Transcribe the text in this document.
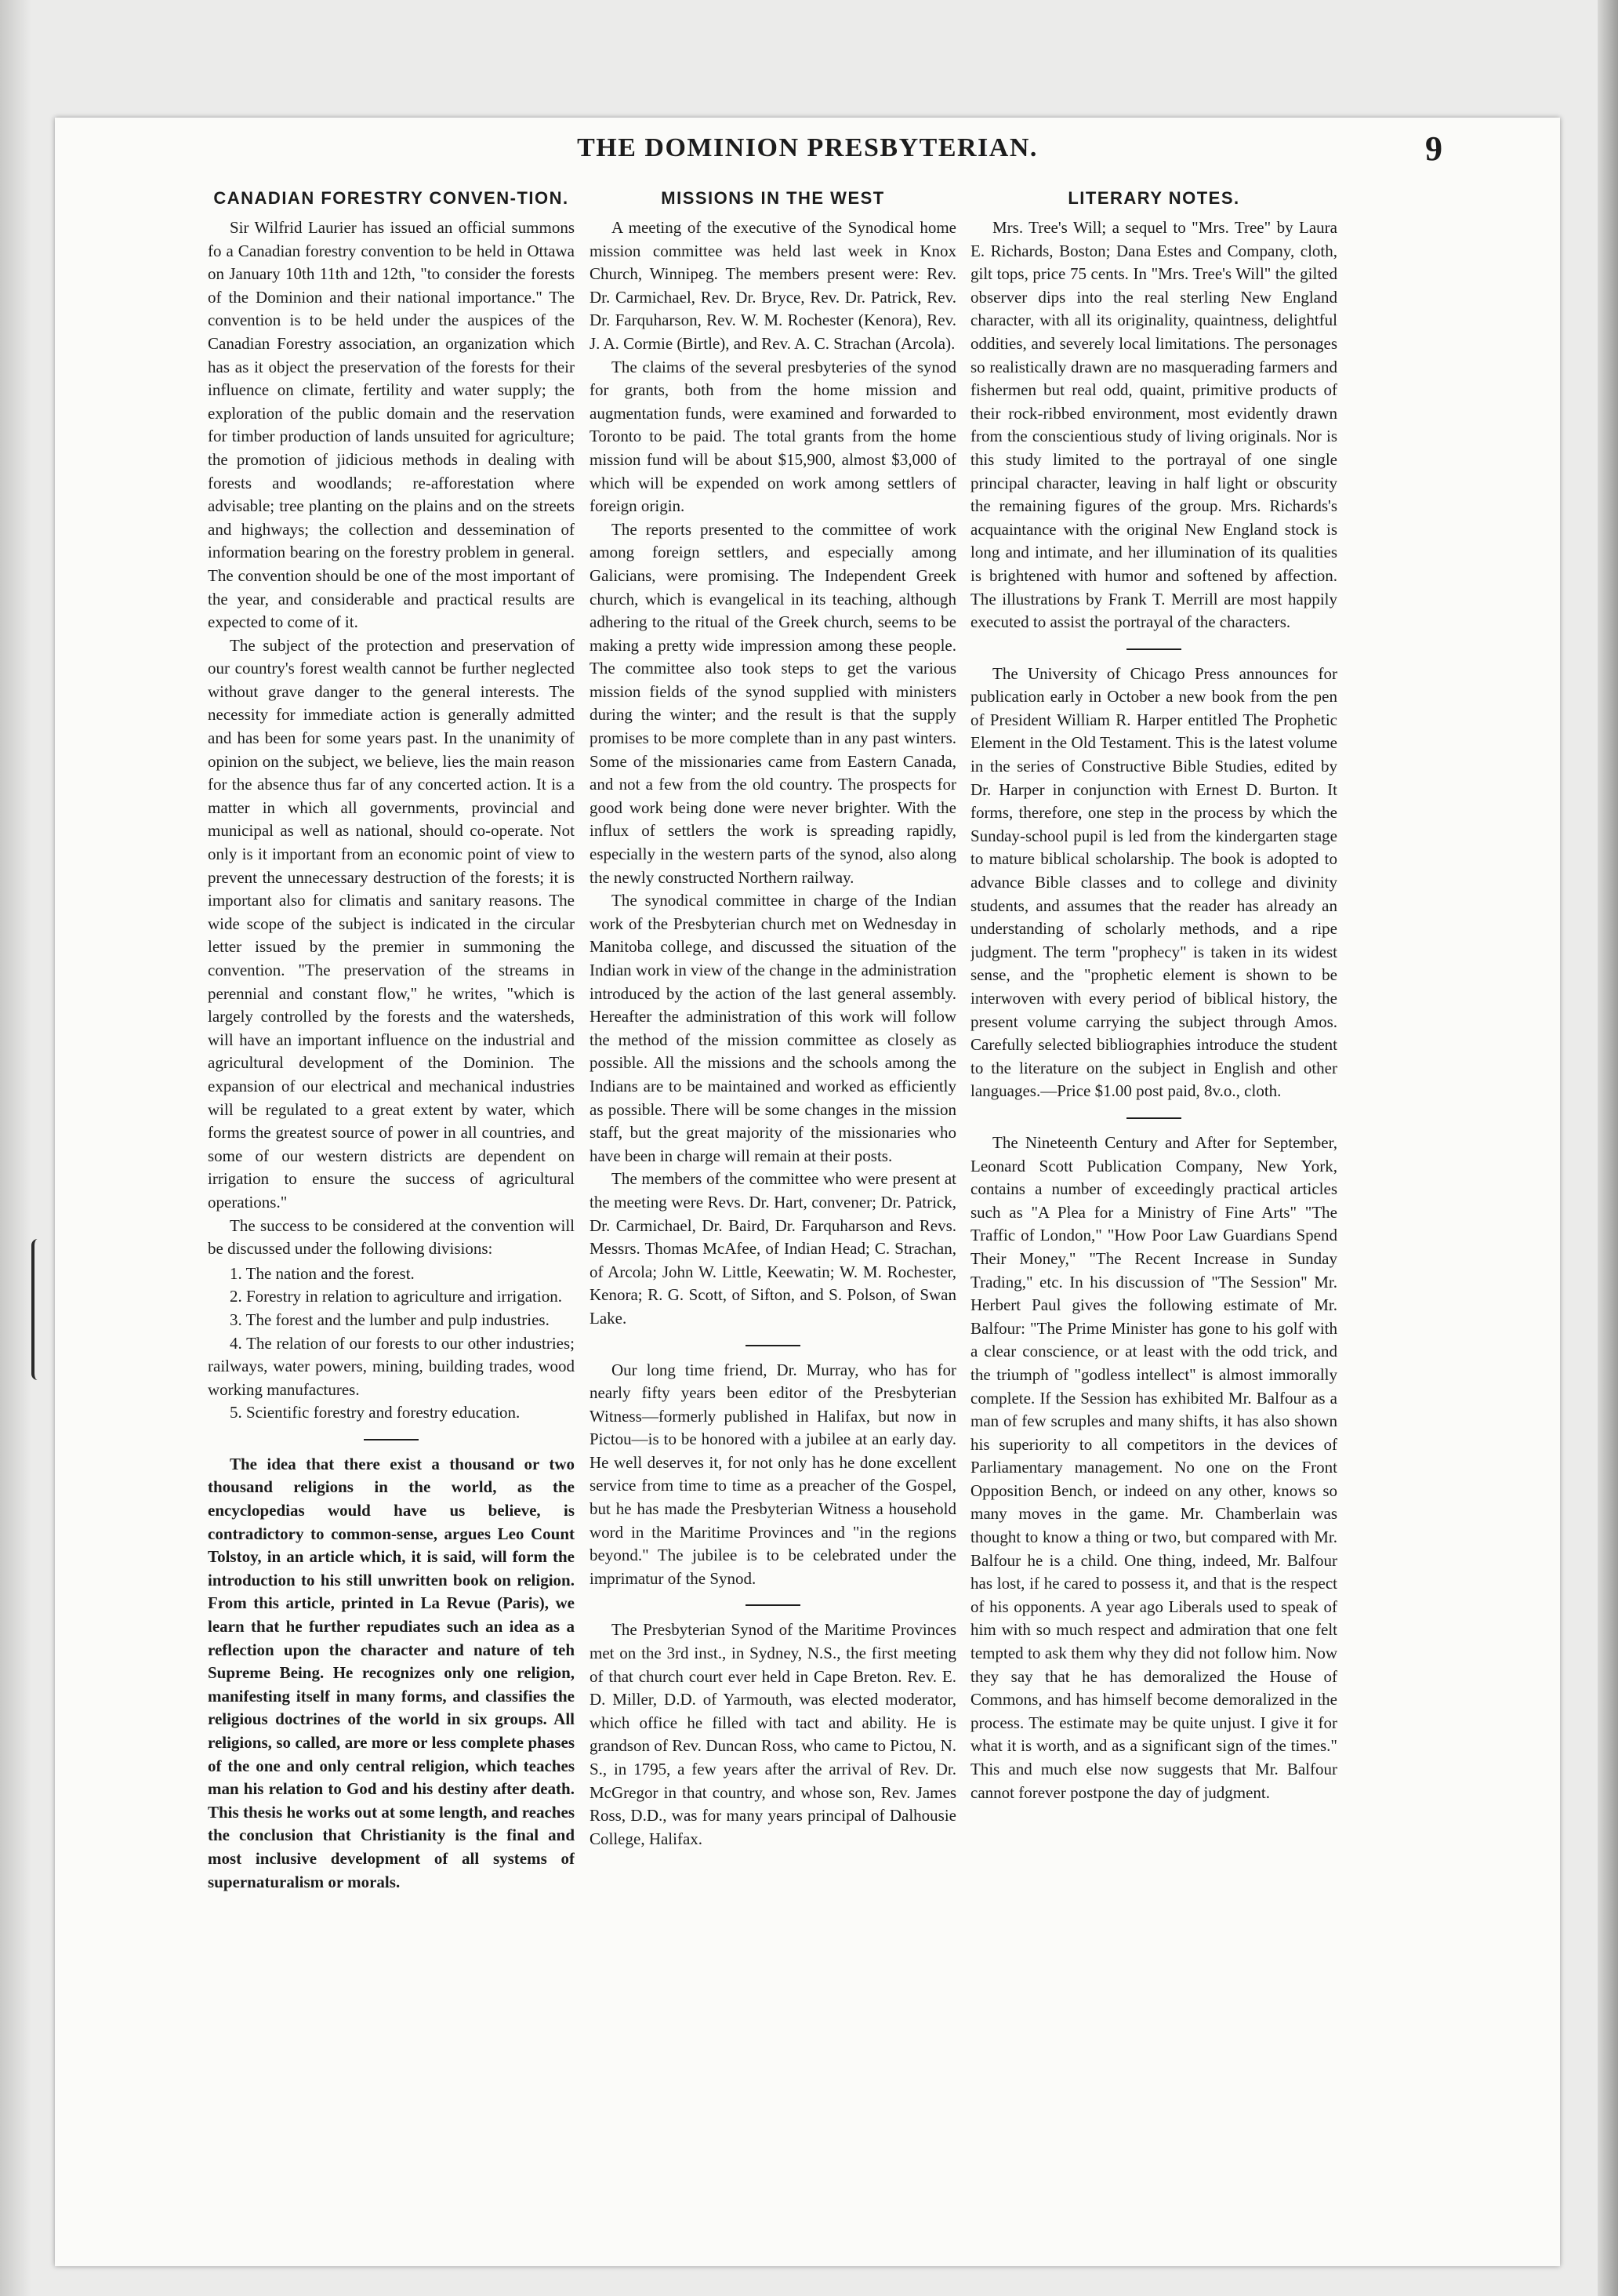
THE DOMINION PRESBYTERIAN.	9
CANADIAN FORESTRY CONVEN-TION.

Sir Wilfrid Laurier has issued an official summons fo a Canadian forestry convention to be held in Ottawa on January 10th 11th and 12th, "to consider the forests of the Dominion and their national importance." The convention is to be held under the auspices of the Canadian Forestry association, an organization which has as it object the preservation of the forests for their influence on climate, fertility and water supply; the exploration of the public domain and the reservation for timber production of lands unsuited for agriculture; the promotion of jidicious methods in dealing with forests and woodlands; re-afforestation where advisable; tree planting on the plains and on the streets and highways; the collection and dessemination of information bearing on the forestry problem in general. The convention should be one of the most important of the year, and considerable and practical results are expected to come of it.

The subject of the protection and preservation of our country's forest wealth cannot be further neglected without grave danger to the general interests. The necessity for immediate action is generally admitted and has been for some years past. In the unanimity of opinion on the subject, we believe, lies the main reason for the absence thus far of any concerted action. It is a matter in which all governments, provincial and municipal as well as national, should co-operate. Not only is it important from an economic point of view to prevent the unnecessary destruction of the forests; it is important also for climatis and sanitary reasons. The wide scope of the subject is indicated in the circular letter issued by the premier in summoning the convention. "The preservation of the streams in perennial and constant flow," he writes, "which is largely controlled by the forests and the watersheds, will have an important influence on the industrial and agricultural development of the Dominion. The expansion of our electrical and mechanical industries will be regulated to a great extent by water, which forms the greatest source of power in all countries, and some of our western districts are dependent on irrigation to ensure the success of agricultural operations."

The success to be considered at the convention will be discussed under the following divisions:

1. The nation and the forest.

2. Forestry in relation to agriculture and irrigation.

3. The forest and the lumber and pulp industries.

4. The relation of our forests to our other industries; railways, water powers, mining, building trades, wood working manufactures.

5. Scientific forestry and forestry education.

The idea that there exist a thousand or two thousand religions in the world, as the encyclopedias would have us believe, is contradictory to common-sense, argues Leo Count Tolstoy, in an article which, it is said, will form the introduction to his still unwritten book on religion. From this article, printed in La Revue (Paris), we learn that he further repudiates such an idea as a reflection upon the character and nature of teh Supreme Being. He recognizes only one religion, manifesting itself in many forms, and classifies the religious doctrines of the world in six groups. All religions, so called, are more or less complete phases of the one and only central religion, which teaches man his relation to God and his destiny after death. This thesis he works out at some length, and reaches the conclusion that Christianity is the final and most inclusive development of all systems of supernaturalism or morals.

MISSIONS IN THE WEST

A meeting of the executive of the Synodical home mission committee was held last week in Knox Church, Winnipeg. The members present were: Rev. Dr. Carmichael, Rev. Dr. Bryce, Rev. Dr. Patrick, Rev. Dr. Farquharson, Rev. W. M. Rochester (Kenora), Rev. J. A. Cormie (Birtle), and Rev. A. C. Strachan (Arcola).

The claims of the several presbyteries of the synod for grants, both from the home mission and augmentation funds, were examined and forwarded to Toronto to be paid. The total grants from the home mission fund will be about $15,900, almost $3,000 of which will be expended on work among settlers of foreign origin.

The reports presented to the committee of work among foreign settlers, and especially among Galicians, were promising. The Independent Greek church, which is evangelical in its teaching, although adhering to the ritual of the Greek church, seems to be making a pretty wide impression among these people. The committee also took steps to get the various mission fields of the synod supplied with ministers during the winter; and the result is that the supply promises to be more complete than in any past winters. Some of the missionaries came from Eastern Canada, and not a few from the old country. The prospects for good work being done were never brighter. With the influx of settlers the work is spreading rapidly, especially in the western parts of the synod, also along the newly constructed Northern railway.

The synodical committee in charge of the Indian work of the Presbyterian church met on Wednesday in Manitoba college, and discussed the situation of the Indian work in view of the change in the administration introduced by the action of the last general assembly. Hereafter the administration of this work will follow the method of the mission committee as closely as possible. All the missions and the schools among the Indians are to be maintained and worked as efficiently as possible. There will be some changes in the mission staff, but the great majority of the missionaries who have been in charge will remain at their posts.

The members of the committee who were present at the meeting were Revs. Dr. Hart, convener; Dr. Patrick, Dr. Carmichael, Dr. Baird, Dr. Farquharson and Revs. Messrs. Thomas McAfee, of Indian Head; C. Strachan, of Arcola; John W. Little, Keewatin; W. M. Rochester, Kenora; R. G. Scott, of Sifton, and S. Polson, of Swan Lake.

Our long time friend, Dr. Murray, who has for nearly fifty years been editor of the Presbyterian Witness—formerly published in Halifax, but now in Pictou—is to be honored with a jubilee at an early day. He well deserves it, for not only has he done excellent service from time to time as a preacher of the Gospel, but he has made the Presbyterian Witness a household word in the Maritime Provinces and "in the regions beyond." The jubilee is to be celebrated under the imprimatur of the Synod.

The Presbyterian Synod of the Maritime Provinces met on the 3rd inst., in Sydney, N.S., the first meeting of that church court ever held in Cape Breton. Rev. E. D. Miller, D.D. of Yarmouth, was elected moderator, which office he filled with tact and ability. He is grandson of Rev. Duncan Ross, who came to Pictou, N. S., in 1795, a few years after the arrival of Rev. Dr. McGregor in that country, and whose son, Rev. James Ross, D.D., was for many years principal of Dalhousie College, Halifax.

LITERARY NOTES.

Mrs. Tree's Will; a sequel to "Mrs. Tree" by Laura E. Richards, Boston; Dana Estes and Company, cloth, gilt tops, price 75 cents. In "Mrs. Tree's Will" the gilted observer dips into the real sterling New England character, with all its originality, quaintness, delightful oddities, and severely local limitations. The personages so realistically drawn are no masquerading farmers and fishermen but real odd, quaint, primitive products of their rock-ribbed environment, most evidently drawn from the conscientious study of living originals. Nor is this study limited to the portrayal of one single principal character, leaving in half light or obscurity the remaining figures of the group. Mrs. Richards's acquaintance with the original New England stock is long and intimate, and her illumination of its qualities is brightened with humor and softened by affection. The illustrations by Frank T. Merrill are most happily executed to assist the portrayal of the characters.

The University of Chicago Press announces for publication early in October a new book from the pen of President William R. Harper entitled The Prophetic Element in the Old Testament. This is the latest volume in the series of Constructive Bible Studies, edited by Dr. Harper in conjunction with Ernest D. Burton. It forms, therefore, one step in the process by which the Sunday-school pupil is led from the kindergarten stage to mature biblical scholarship. The book is adopted to advance Bible classes and to college and divinity students, and assumes that the reader has already an understanding of scholarly methods, and a ripe judgment. The term "prophecy" is taken in its widest sense, and the "prophetic element is shown to be interwoven with every period of biblical history, the present volume carrying the subject through Amos. Carefully selected bibliographies introduce the student to the literature on the subject in English and other languages.—Price $1.00 post paid, 8v.o., cloth.

The Nineteenth Century and After for September, Leonard Scott Publication Company, New York, contains a number of exceedingly practical articles such as "A Plea for a Ministry of Fine Arts" "The Traffic of London," "How Poor Law Guardians Spend Their Money," "The Recent Increase in Sunday Trading," etc. In his discussion of "The Session" Mr. Herbert Paul gives the following estimate of Mr. Balfour: "The Prime Minister has gone to his golf with a clear conscience, or at least with the odd trick, and the triumph of "godless intellect" is almost immorally complete. If the Session has exhibited Mr. Balfour as a man of few scruples and many shifts, it has also shown his superiority to all competitors in the devices of Parliamentary management. No one on the Front Opposition Bench, or indeed on any other, knows so many moves in the game. Mr. Chamberlain was thought to know a thing or two, but compared with Mr. Balfour he is a child. One thing, indeed, Mr. Balfour has lost, if he cared to possess it, and that is the respect of his opponents. A year ago Liberals used to speak of him with so much respect and admiration that one felt tempted to ask them why they did not follow him. Now they say that he has demoralized the House of Commons, and has himself become demoralized in the process. The estimate may be quite unjust. I give it for what it is worth, and as a significant sign of the times." This and much else now suggests that Mr. Balfour cannot forever postpone the day of judgment.
